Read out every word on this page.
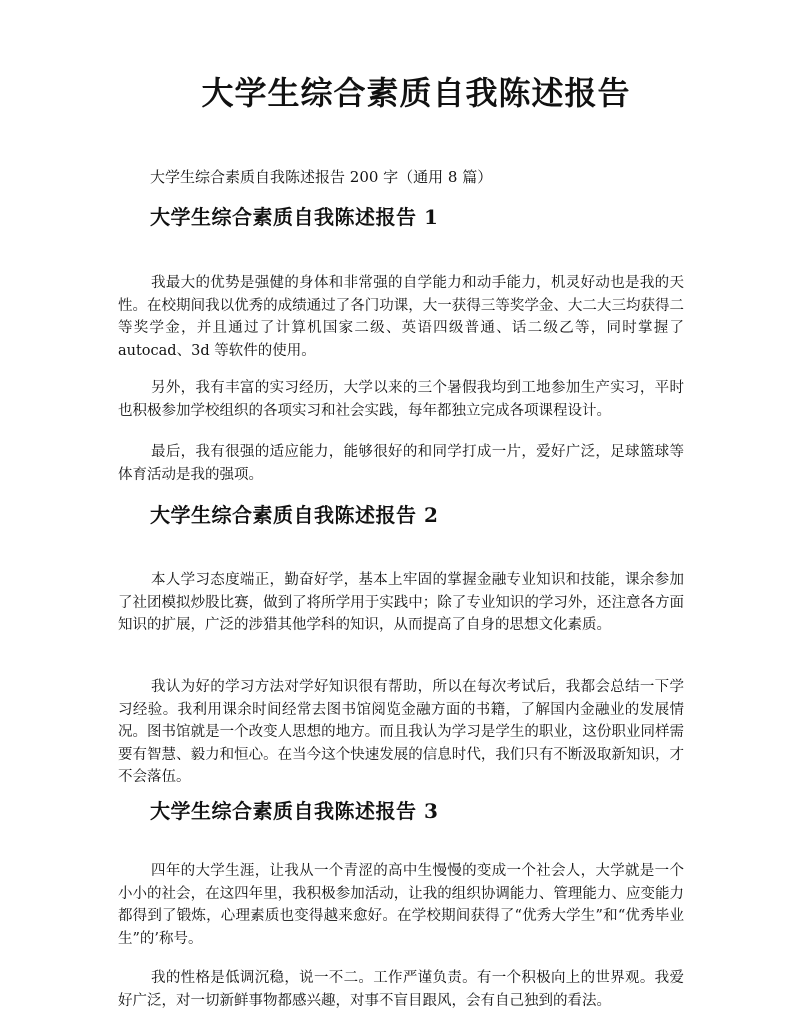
大学生综合素质自我陈述报告

大学生综合素质自我陈述报告 200 字（通用 8 篇）

大学生综合素质自我陈述报告 1

我最大的优势是强健的身体和非常强的自学能力和动手能力，机灵好动也是我的天性。在校期间我以优秀的成绩通过了各门功课，大一获得三等奖学金、大二大三均获得二等奖学金，并且通过了计算机国家二级、英语四级普通、话二级乙等，同时掌握了 autocad、3d 等软件的使用。

另外，我有丰富的实习经历，大学以来的三个暑假我均到工地参加生产实习，平时也积极参加学校组织的各项实习和社会实践，每年都独立完成各项课程设计。

最后，我有很强的适应能力，能够很好的和同学打成一片，爱好广泛，足球篮球等体育活动是我的强项。

大学生综合素质自我陈述报告 2

本人学习态度端正，勤奋好学，基本上牢固的掌握金融专业知识和技能，课余参加了社团模拟炒股比赛，做到了将所学用于实践中；除了专业知识的学习外，还注意各方面知识的扩展，广泛的涉猎其他学科的知识，从而提高了自身的思想文化素质。

我认为好的学习方法对学好知识很有帮助，所以在每次考试后，我都会总结一下学习经验。我利用课余时间经常去图书馆阅览金融方面的书籍，了解国内金融业的发展情况。图书馆就是一个改变人思想的地方。而且我认为学习是学生的职业，这份职业同样需要有智慧、毅力和恒心。在当今这个快速发展的信息时代，我们只有不断汲取新知识，才不会落伍。

大学生综合素质自我陈述报告 3

四年的大学生涯，让我从一个青涩的高中生慢慢的变成一个社会人，大学就是一个小小的社会，在这四年里，我积极参加活动，让我的组织协调能力、管理能力、应变能力都得到了锻炼，心理素质也变得越来愈好。在学校期间获得了“优秀大学生”和“优秀毕业生”的’称号。

我的性格是低调沉稳，说一不二。工作严谨负责。有一个积极向上的世界观。我爱好广泛，对一切新鲜事物都感兴趣，对事不盲目跟风，会有自己独到的看法。
